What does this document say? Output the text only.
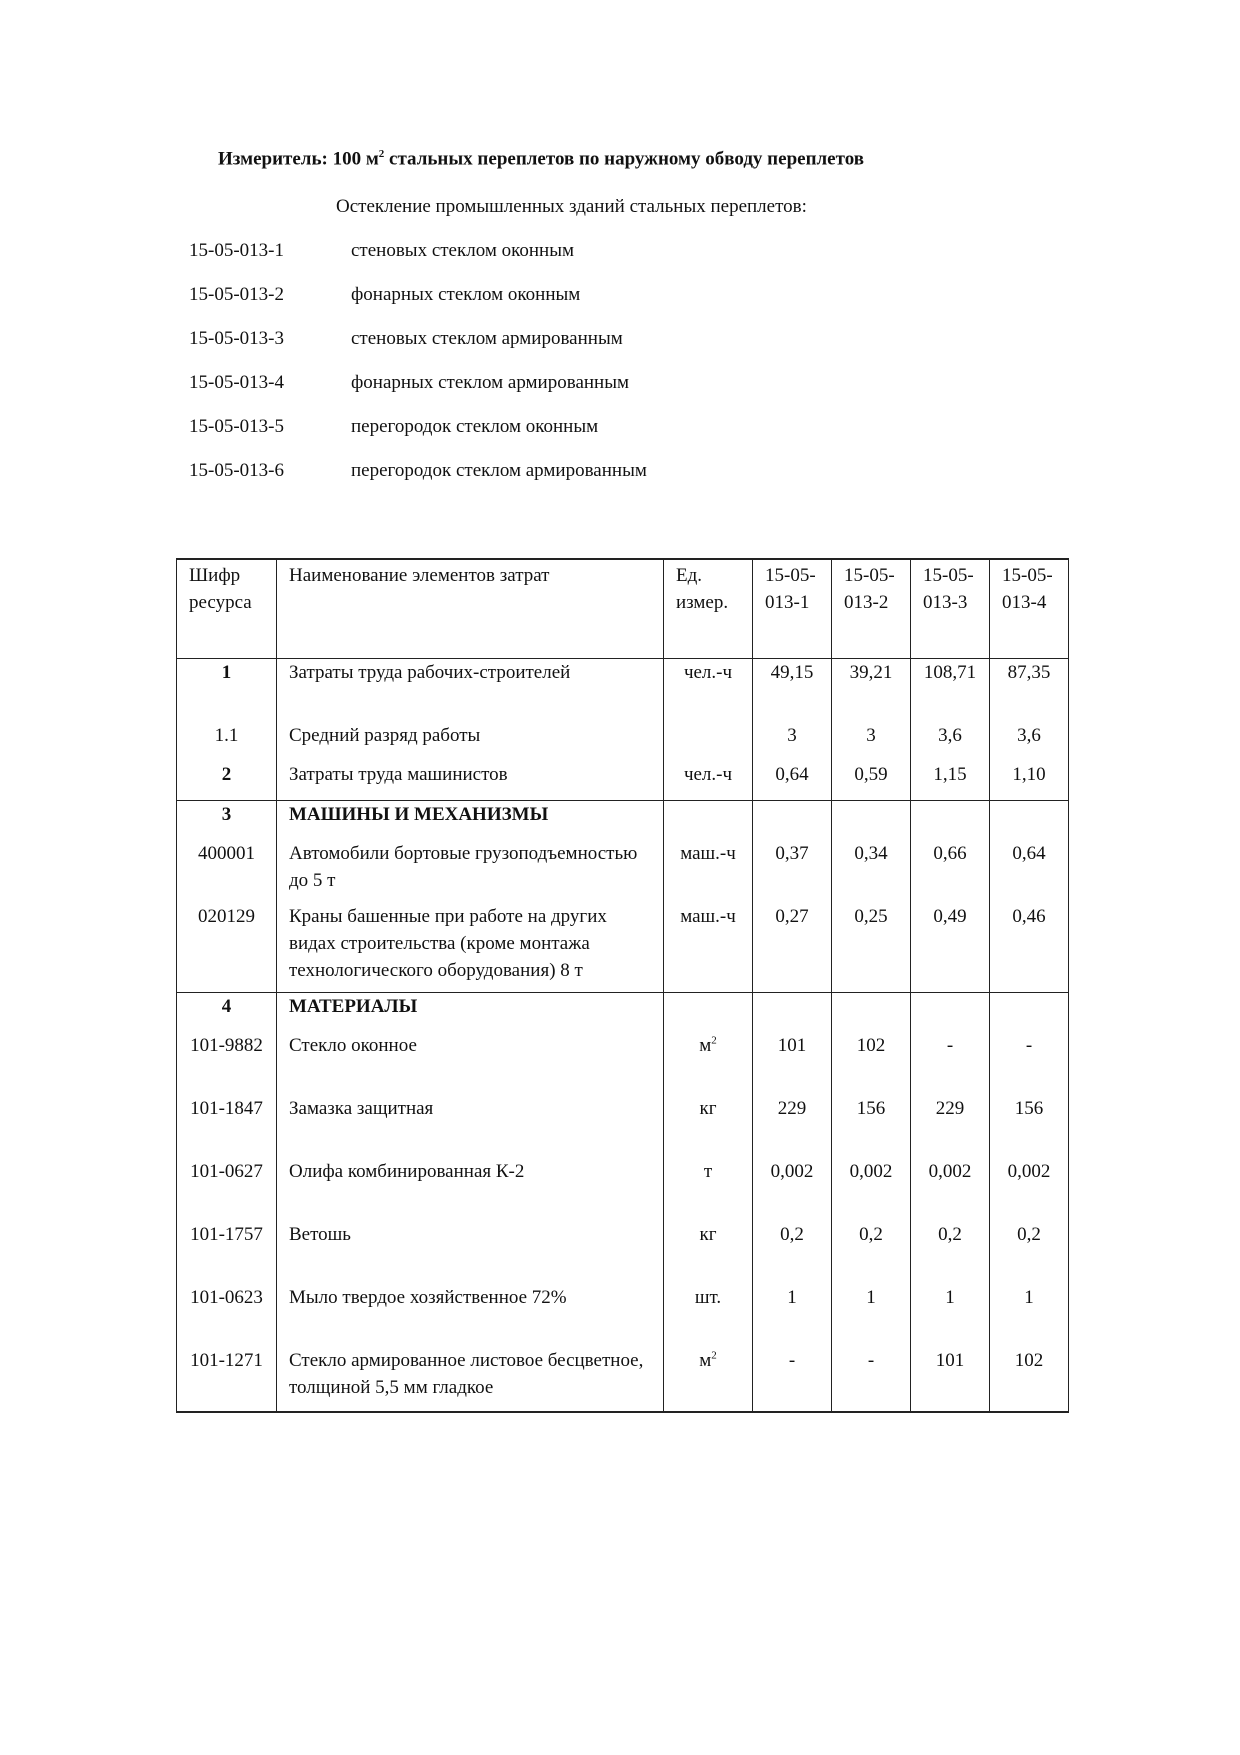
Измеритель: 100 $м^2$ стальных переплетов по наружному обводу переплетов
Остекление промышленных зданий стальных переплетов:
15-05-013-1	стеновых стеклом оконным
15-05-013-2	фонарных стеклом оконным
15-05-013-3	стеновых стеклом армированным
15-05-013-4	фонарных стеклом армированным
15-05-013-5	перегородок стеклом оконным
15-05-013-6	перегородок стеклом армированным
Шифр ресурса	Наименование элементов затрат	Ед. измер.	15-05-013-1	15-05-013-2	15-05-013-3	15-05-013-4
1	Затраты труда рабочих-строителей	чел.-ч	49,15	39,21	108,71	87,35
1.1	Средний разряд работы		3	3	3,6	3,6
2	Затраты труда машинистов	чел.-ч	0,64	0,59	1,15	1,10
3	МАШИНЫ И МЕХАНИЗМЫ					
400001	Автомобили бортовые грузоподъемностью до 5 т	маш.-ч	0,37	0,34	0,66	0,64
020129	Краны башенные при работе на других видах строительства (кроме монтажа технологического оборудования) 8 т	маш.-ч	0,27	0,25	0,49	0,46
4	МАТЕРИАЛЫ					
101-9882	Стекло оконное	$м^2$	101	102	-	-
101-1847	Замазка защитная	кг	229	156	229	156
101-0627	Олифа комбинированная К-2	т	0,002	0,002	0,002	0,002
101-1757	Ветошь	кг	0,2	0,2	0,2	0,2
101-0623	Мыло твердое хозяйственное 72%	шт.	1	1	1	1
101-1271	Стекло армированное листовое бесцветное, толщиной 5,5 мм гладкое	$м^2$	-	-	101	102
